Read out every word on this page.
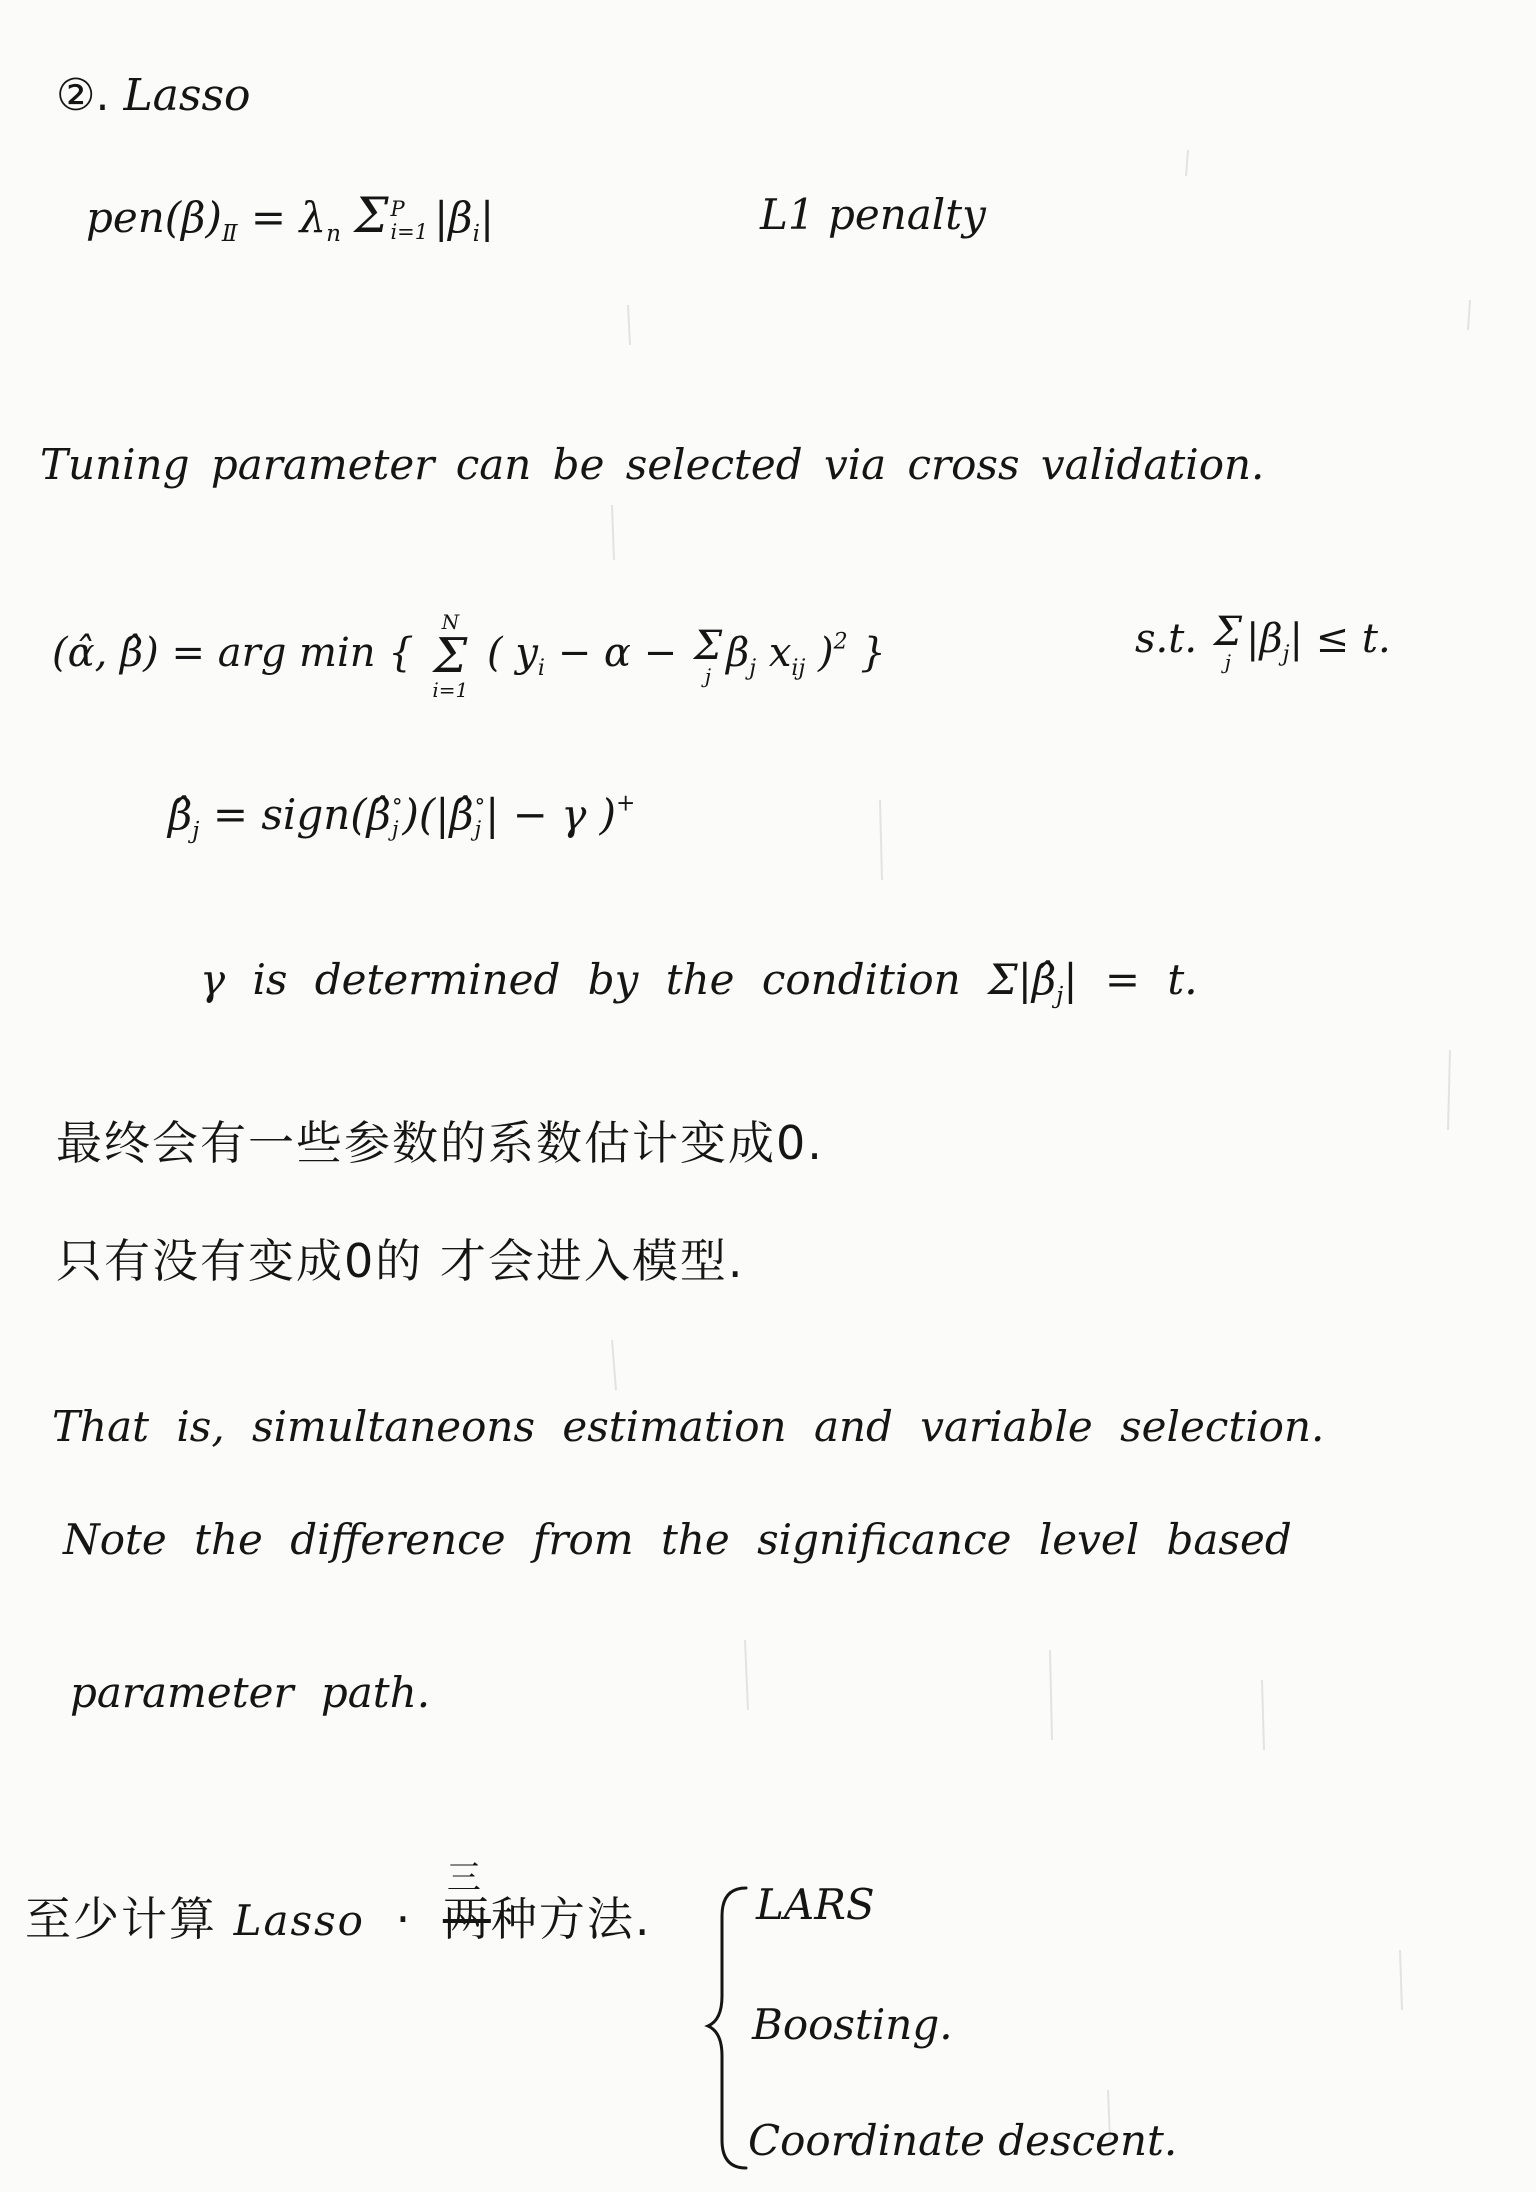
②. Lasso
$pen(\beta)_Ⅱ = \lambda_n$ Σ P
i=1 $|\beta_i|$	L1 penalty
Tuning parameter can be selected via cross validation.
(α̂, β̂) = arg min {
N
Σ
i=1
( $y_i - \alpha - \Sigma$
j $\beta_j$ $x_{ij}$ )$^2$ }	s.t. Σ
j $|\beta_j| \le t$.
$\betâ_j$ = sign(β̂ °
j )(|β̂ °
j | − γ )+
γ is determined by the condition $\Sigma|\betâ_j| = t$.
最终会有一些参数的系数估计变成0.
只有没有变成0的 才会进入模型.
That is, simultaneons estimation and variable selection.
Note the difference from the significance level based
parameter path.
至少计算 Lasso ·
三
两种方法. LARS
Boosting.
Coordinate descent.
